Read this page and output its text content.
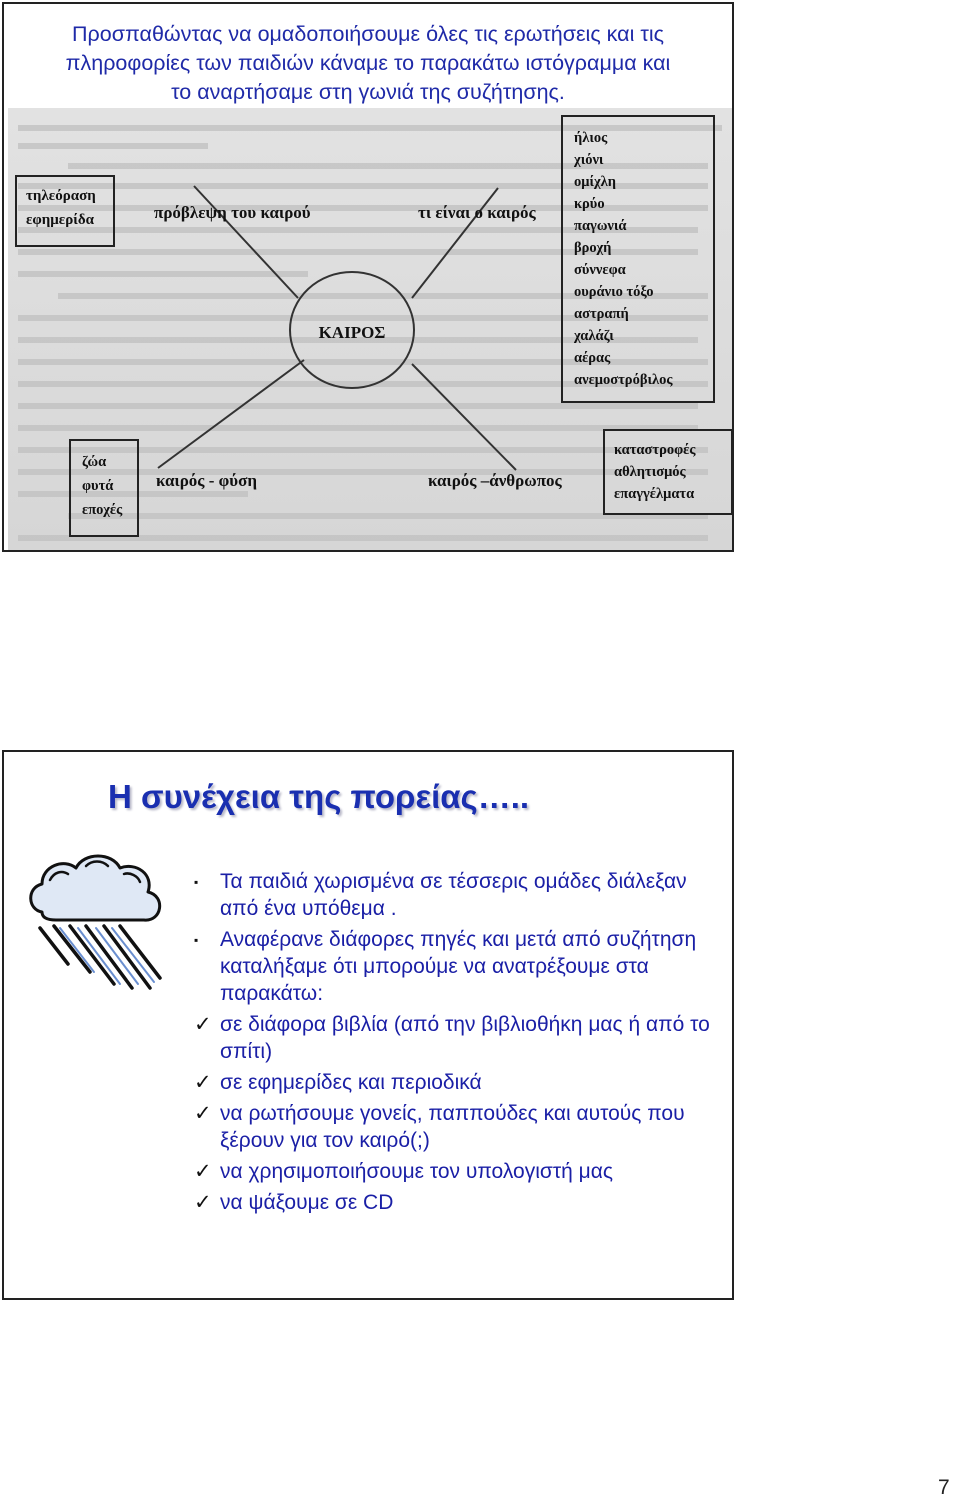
Προσπαθώντας να ομαδοποιήσουμε όλες τις ερωτήσεις και τις
πληροφορίες των παιδιών κάναμε το παρακάτω ιστόγραμμα και
το αναρτήσαμε στη γωνιά της συζήτησης.
ΚΑΙΡΟΣ
πρόβλεψη του καιρού	τι είναι ο καιρός
καιρός - φύση	καιρός –άνθρωπος
τηλεόραση
εφημερίδα
ήλιος
χιόνι
ομίχλη
κρύο
παγωνιά
βροχή
σύννεφα
ουράνιο τόξο
αστραπή
χαλάζι
αέρας
ανεμοστρόβιλος
ζώα
φυτά
εποχές
καταστροφές
αθλητισμός
επαγγέλματα
Η συνέχεια της πορείας…..
▪ Τα παιδιά χωρισμένα σε τέσσερις ομάδες διάλεξαν από ένα υπόθεμα .
▪ Αναφέρανε διάφορες πηγές και μετά από συζήτηση καταλήξαμε ότι μπορούμε να ανατρέξουμε στα παρακάτω:
✓ σε διάφορα βιβλία (από την βιβλιοθήκη μας ή από το σπίτι)
✓ σε εφημερίδες και περιοδικά
✓ να ρωτήσουμε γονείς, παππούδες και αυτούς που ξέρουν για τον καιρό(;)
✓ να χρησιμοποιήσουμε τον υπολογιστή μας
✓ να ψάξουμε σε CD
7
